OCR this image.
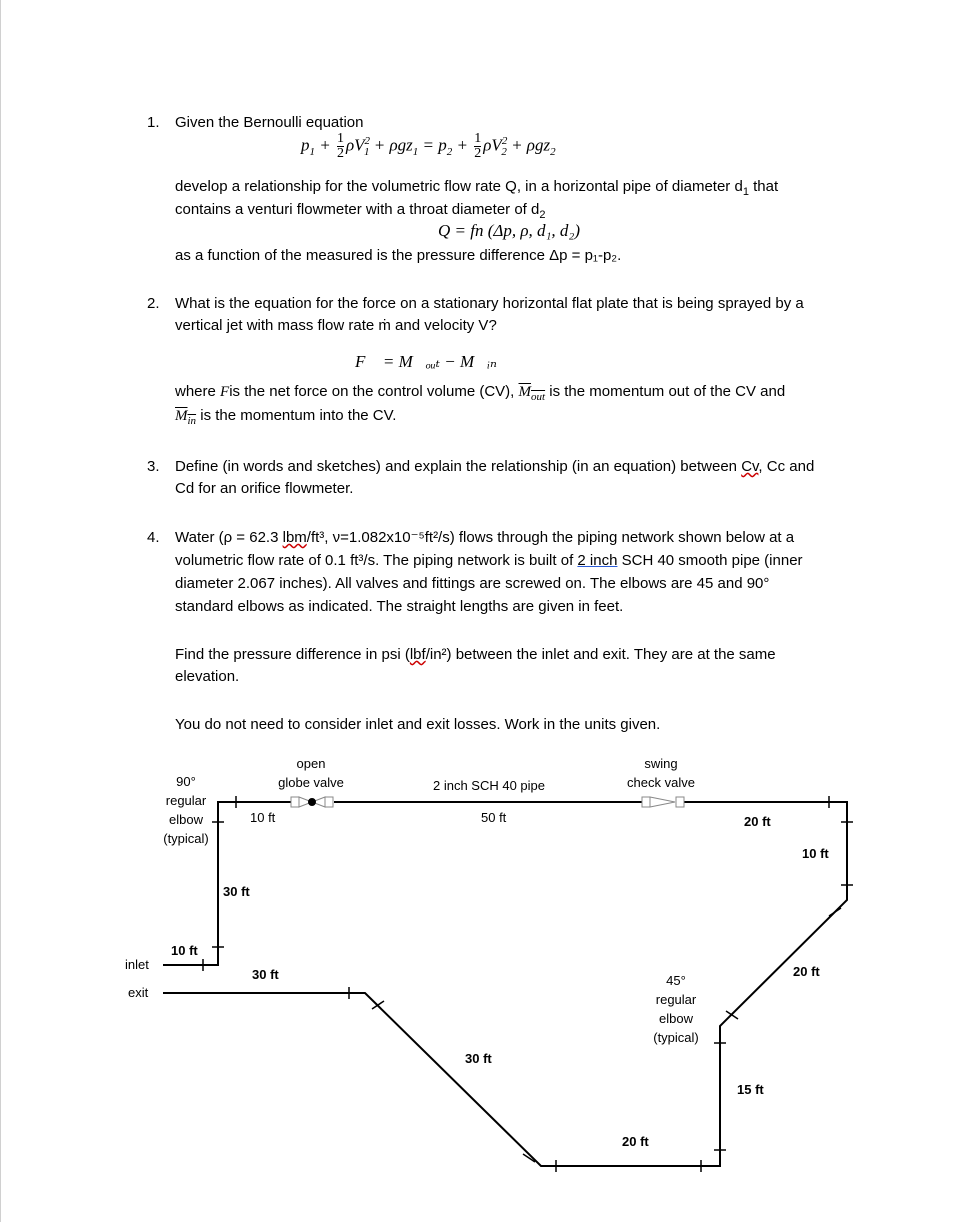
1. Given the Bernoulli equation
$p_1 + \frac{1}{2} \rho V^2_1 + \rho gz_1 = p_2 + \frac{1}{2} \rho V^2_2 + \rho gz_2$
develop a relationship for the volumetric flow rate Q, in a horizontal pipe of diameter $d_1$ that
contains a venturi flowmeter with a throat diameter of $d_2$
Q = fn (Δp, ρ, d₁, d₂)
as a function of the measured is the pressure difference Δp = p₁-p₂.
2. What is the equation for the force on a stationary horizontal flat plate that is being sprayed by a
vertical jet with mass flow rate ṁ and velocity V?
F⃗ = M⃗ₒᵤₜ − M⃗ᵢₙ
where Fis the net force on the control volume (CV), $M_{out}$ is the momentum out of the CV and
$M_{in}$ is the momentum into the CV.
3. Define (in words and sketches) and explain the relationship (in an equation) between Cv, Cc and
Cd for an orifice flowmeter.
4. Water (ρ = 62.3 lbm/ft³, ν=1.082x10⁻⁵ft²/s) flows through the piping network shown below at a
volumetric flow rate of 0.1 ft³/s. The piping network is built of 2 inch SCH 40 smooth pipe (inner
diameter 2.067 inches). All valves and fittings are screwed on. The elbows are 45 and 90°
standard elbows as indicated. The straight lengths are given in feet.
Find the pressure difference in psi (lbf/in²) between the inlet and exit. They are at the same
elevation.
You do not need to consider inlet and exit losses. Work in the units given.
90°
regular
elbow
(typical)
open
globe valve	2 inch SCH 40 pipe
swing
check valve
45°
regular
elbow
(typical)
inlet
exit
10 ft	50 ft	20 ft
10 ft
20 ft
15 ft
20 ft
30 ft
30 ft
30 ft
10 ft
